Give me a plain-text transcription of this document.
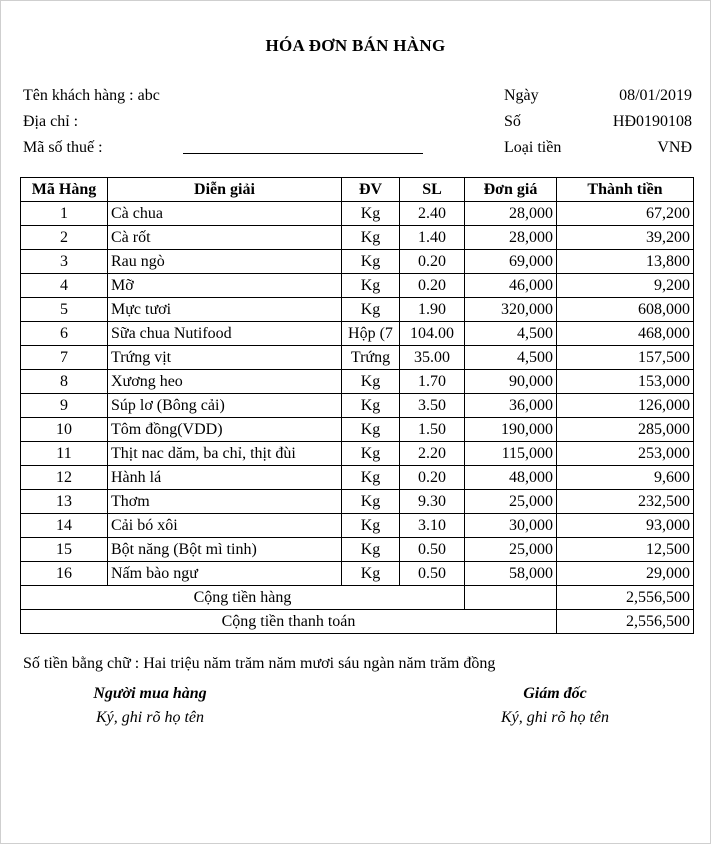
HÓA ĐƠN BÁN HÀNG
Tên khách hàng : abc
Địa chỉ :
Mã số thuế :
Ngày	08/01/2019
Số	HĐ0190108
Loại tiền	VNĐ
Mã Hàng	Diễn giải	ĐV	SL	Đơn giá	Thành tiền
1	Cà chua	Kg	2.40	28,000	67,200
2	Cà rốt	Kg	1.40	28,000	39,200
3	Rau ngò	Kg	0.20	69,000	13,800
4	Mỡ	Kg	0.20	46,000	9,200
5	Mực tươi	Kg	1.90	320,000	608,000
6	Sữa chua Nutifood	Hộp (7	104.00	4,500	468,000
7	Trứng vịt	Trứng	35.00	4,500	157,500
8	Xương heo	Kg	1.70	90,000	153,000
9	Súp lơ (Bông cải)	Kg	3.50	36,000	126,000
10	Tôm đồng(VDD)	Kg	1.50	190,000	285,000
11	Thịt nac dăm, ba chỉ, thịt đùi	Kg	2.20	115,000	253,000
12	Hành lá	Kg	0.20	48,000	9,600
13	Thơm	Kg	9.30	25,000	232,500
14	Cải bó xôi	Kg	3.10	30,000	93,000
15	Bột năng (Bột mì tinh)	Kg	0.50	25,000	12,500
16	Nấm bào ngư	Kg	0.50	58,000	29,000
Cộng tiền hàng					2,556,500
Cộng tiền thanh toán					2,556,500
Số tiền bằng chữ : Hai triệu năm trăm năm mươi sáu ngàn năm trăm đồng
Người mua hàng
Ký, ghi rõ họ tên
Giám đốc
Ký, ghi rõ họ tên
